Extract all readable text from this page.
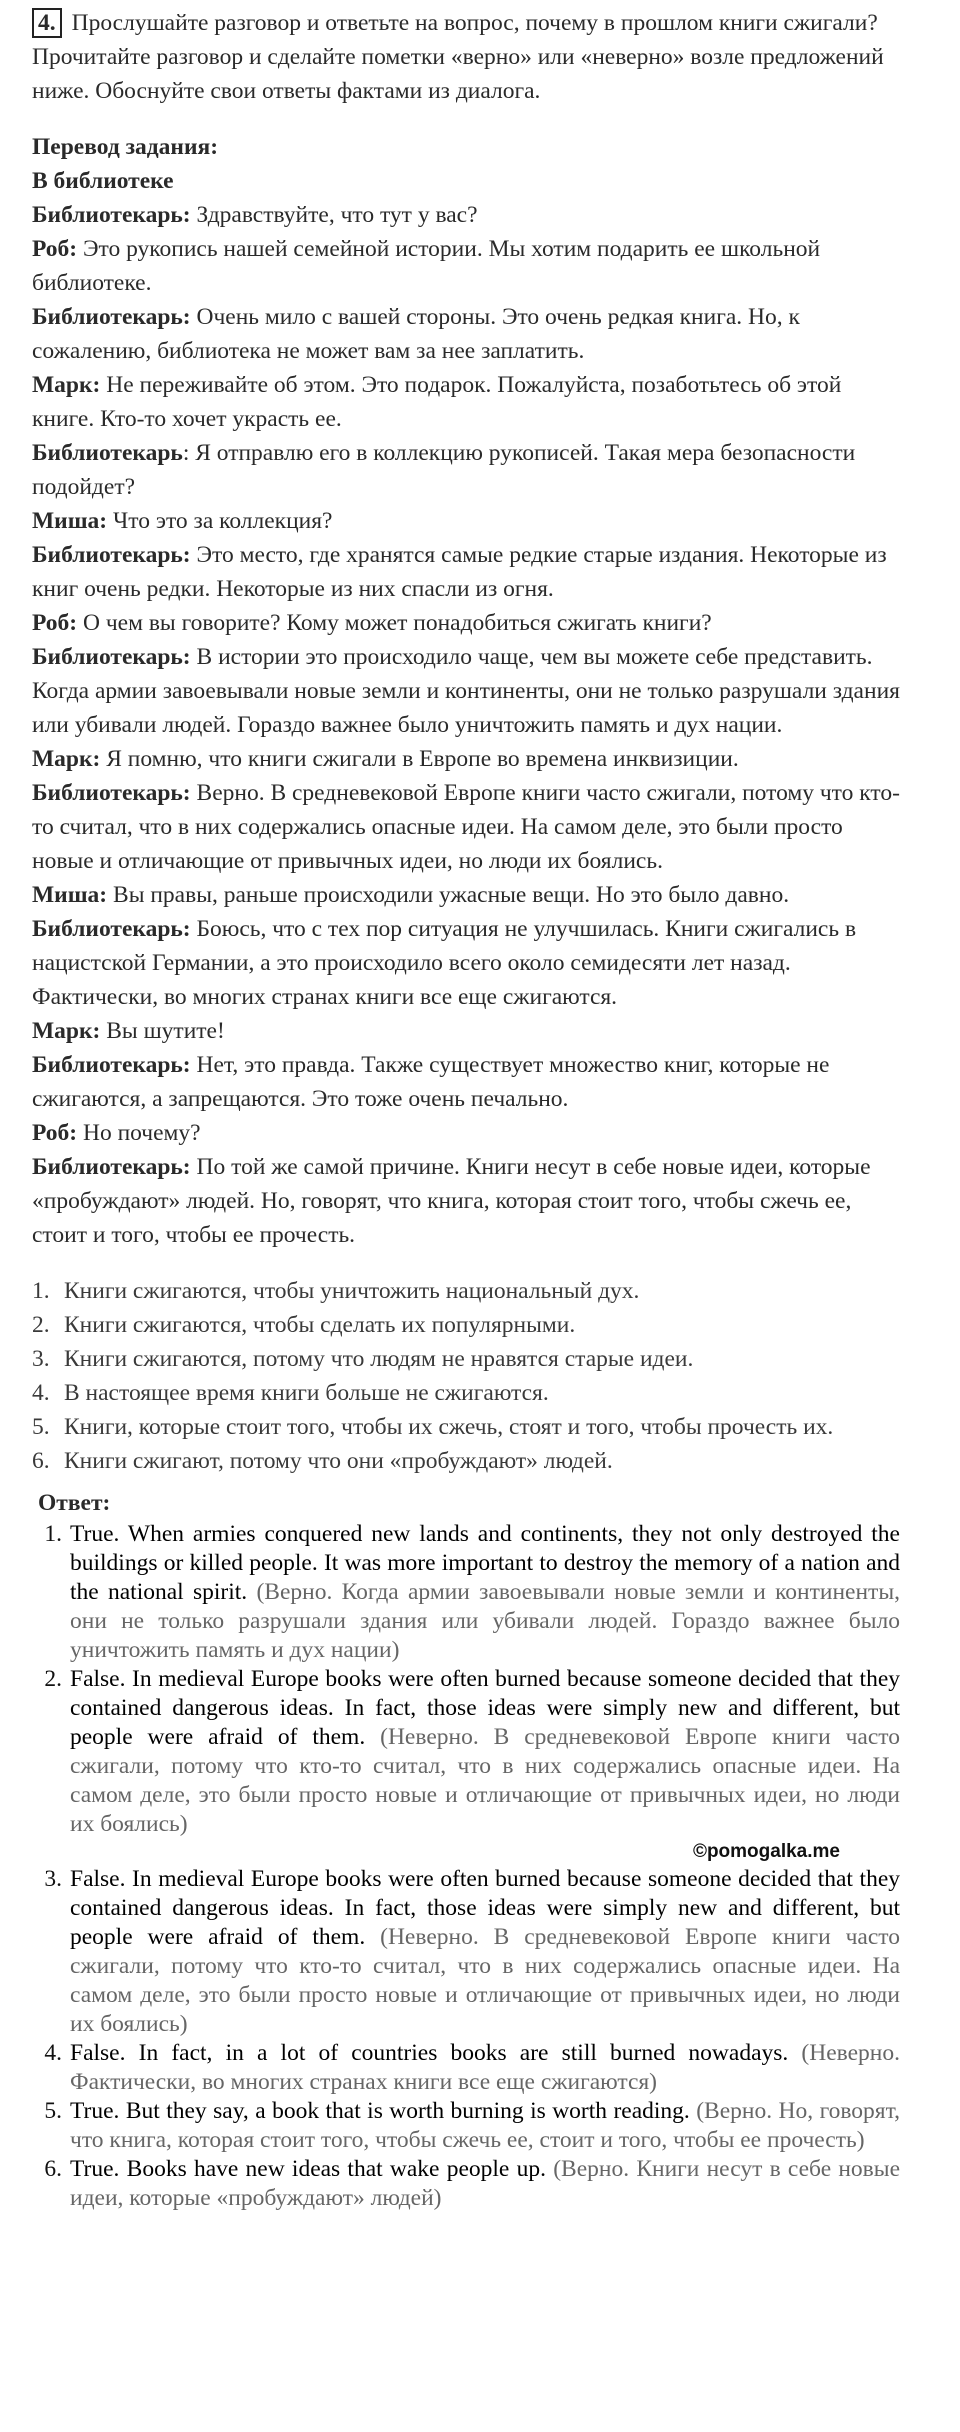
4. Прослушайте разговор и ответьте на вопрос, почему в прошлом книги сжигали? Прочитайте разговор и сделайте пометки «верно» или «неверно» возле предложений ниже. Обоснуйте свои ответы фактами из диалога.

Перевод задания:
В библиотеке

Библиотекарь: Здравствуйте, что тут у вас?

Роб: Это рукопись нашей семейной истории. Мы хотим подарить ее школьной библиотеке.

Библиотекарь: Очень мило с вашей стороны. Это очень редкая книга. Но, к сожалению, библиотека не может вам за нее заплатить.

Марк: Не переживайте об этом. Это подарок. Пожалуйста, позаботьтесь об этой книге. Кто-то хочет украсть ее.

Библиотекарь: Я отправлю его в коллекцию рукописей. Такая мера безопасности подойдет?

Миша: Что это за коллекция?

Библиотекарь: Это место, где хранятся самые редкие старые издания. Некоторые из книг очень редки. Некоторые из них спасли из огня.

Роб: О чем вы говорите? Кому может понадобиться сжигать книги?

Библиотекарь: В истории это происходило чаще, чем вы можете себе представить. Когда армии завоевывали новые земли и континенты, они не только разрушали здания или убивали людей. Гораздо важнее было уничтожить память и дух нации.

Марк: Я помню, что книги сжигали в Европе во времена инквизиции.

Библиотекарь: Верно. В средневековой Европе книги часто сжигали, потому что кто-то считал, что в них содержались опасные идеи. На самом деле, это были просто новые и отличающие от привычных идеи, но люди их боялись.

Миша: Вы правы, раньше происходили ужасные вещи. Но это было давно.

Библиотекарь: Боюсь, что с тех пор ситуация не улучшилась. Книги сжигались в нацистской Германии, а это происходило всего около семидесяти лет назад. Фактически, во многих странах книги все еще сжигаются.

Марк: Вы шутите!

Библиотекарь: Нет, это правда. Также существует множество книг, которые не сжигаются, а запрещаются. Это тоже очень печально.

Роб: Но почему?

Библиотекарь: По той же самой причине. Книги несут в себе новые идеи, которые «пробуждают» людей. Но, говорят, что книга, которая стоит того, чтобы сжечь ее, стоит и того, чтобы ее прочесть.

1. Книги сжигаются, чтобы уничтожить национальный дух.
2. Книги сжигаются, чтобы сделать их популярными.
3. Книги сжигаются, потому что людям не нравятся старые идеи.
4. В настоящее время книги больше не сжигаются.
5. Книги, которые стоит того, чтобы их сжечь, стоят и того, чтобы прочесть их.
6. Книги сжигают, потому что они «пробуждают» людей.
Ответ:
1. True. When armies conquered new lands and continents, they not only destroyed the buildings or killed people. It was more important to destroy the memory of a nation and the national spirit. (Верно. Когда армии завоевывали новые земли и континенты, они не только разрушали здания или убивали людей. Гораздо важнее было уничтожить память и дух нации)
2. False. In medieval Europe books were often burned because someone decided that they contained dangerous ideas. In fact, those ideas were simply new and different, but people were afraid of them. (Неверно. В средневековой Европе книги часто сжигали, потому что кто-то считал, что в них содержались опасные идеи. На самом деле, это были просто новые и отличающие от привычных идеи, но люди их боялись)
©pomogalka.me
3. False. In medieval Europe books were often burned because someone decided that they contained dangerous ideas. In fact, those ideas were simply new and different, but people were afraid of them. (Неверно. В средневековой Европе книги часто сжигали, потому что кто-то считал, что в них содержались опасные идеи. На самом деле, это были просто новые и отличающие от привычных идеи, но люди их боялись)
4. False. In fact, in a lot of countries books are still burned nowadays. (Неверно. Фактически, во многих странах книги все еще сжигаются)
5. True. But they say, a book that is worth burning is worth reading. (Верно. Но, говорят, что книга, которая стоит того, чтобы сжечь ее, стоит и того, чтобы ее прочесть)
6. True. Books have new ideas that wake people up. (Верно. Книги несут в себе новые идеи, которые «пробуждают» людей)
